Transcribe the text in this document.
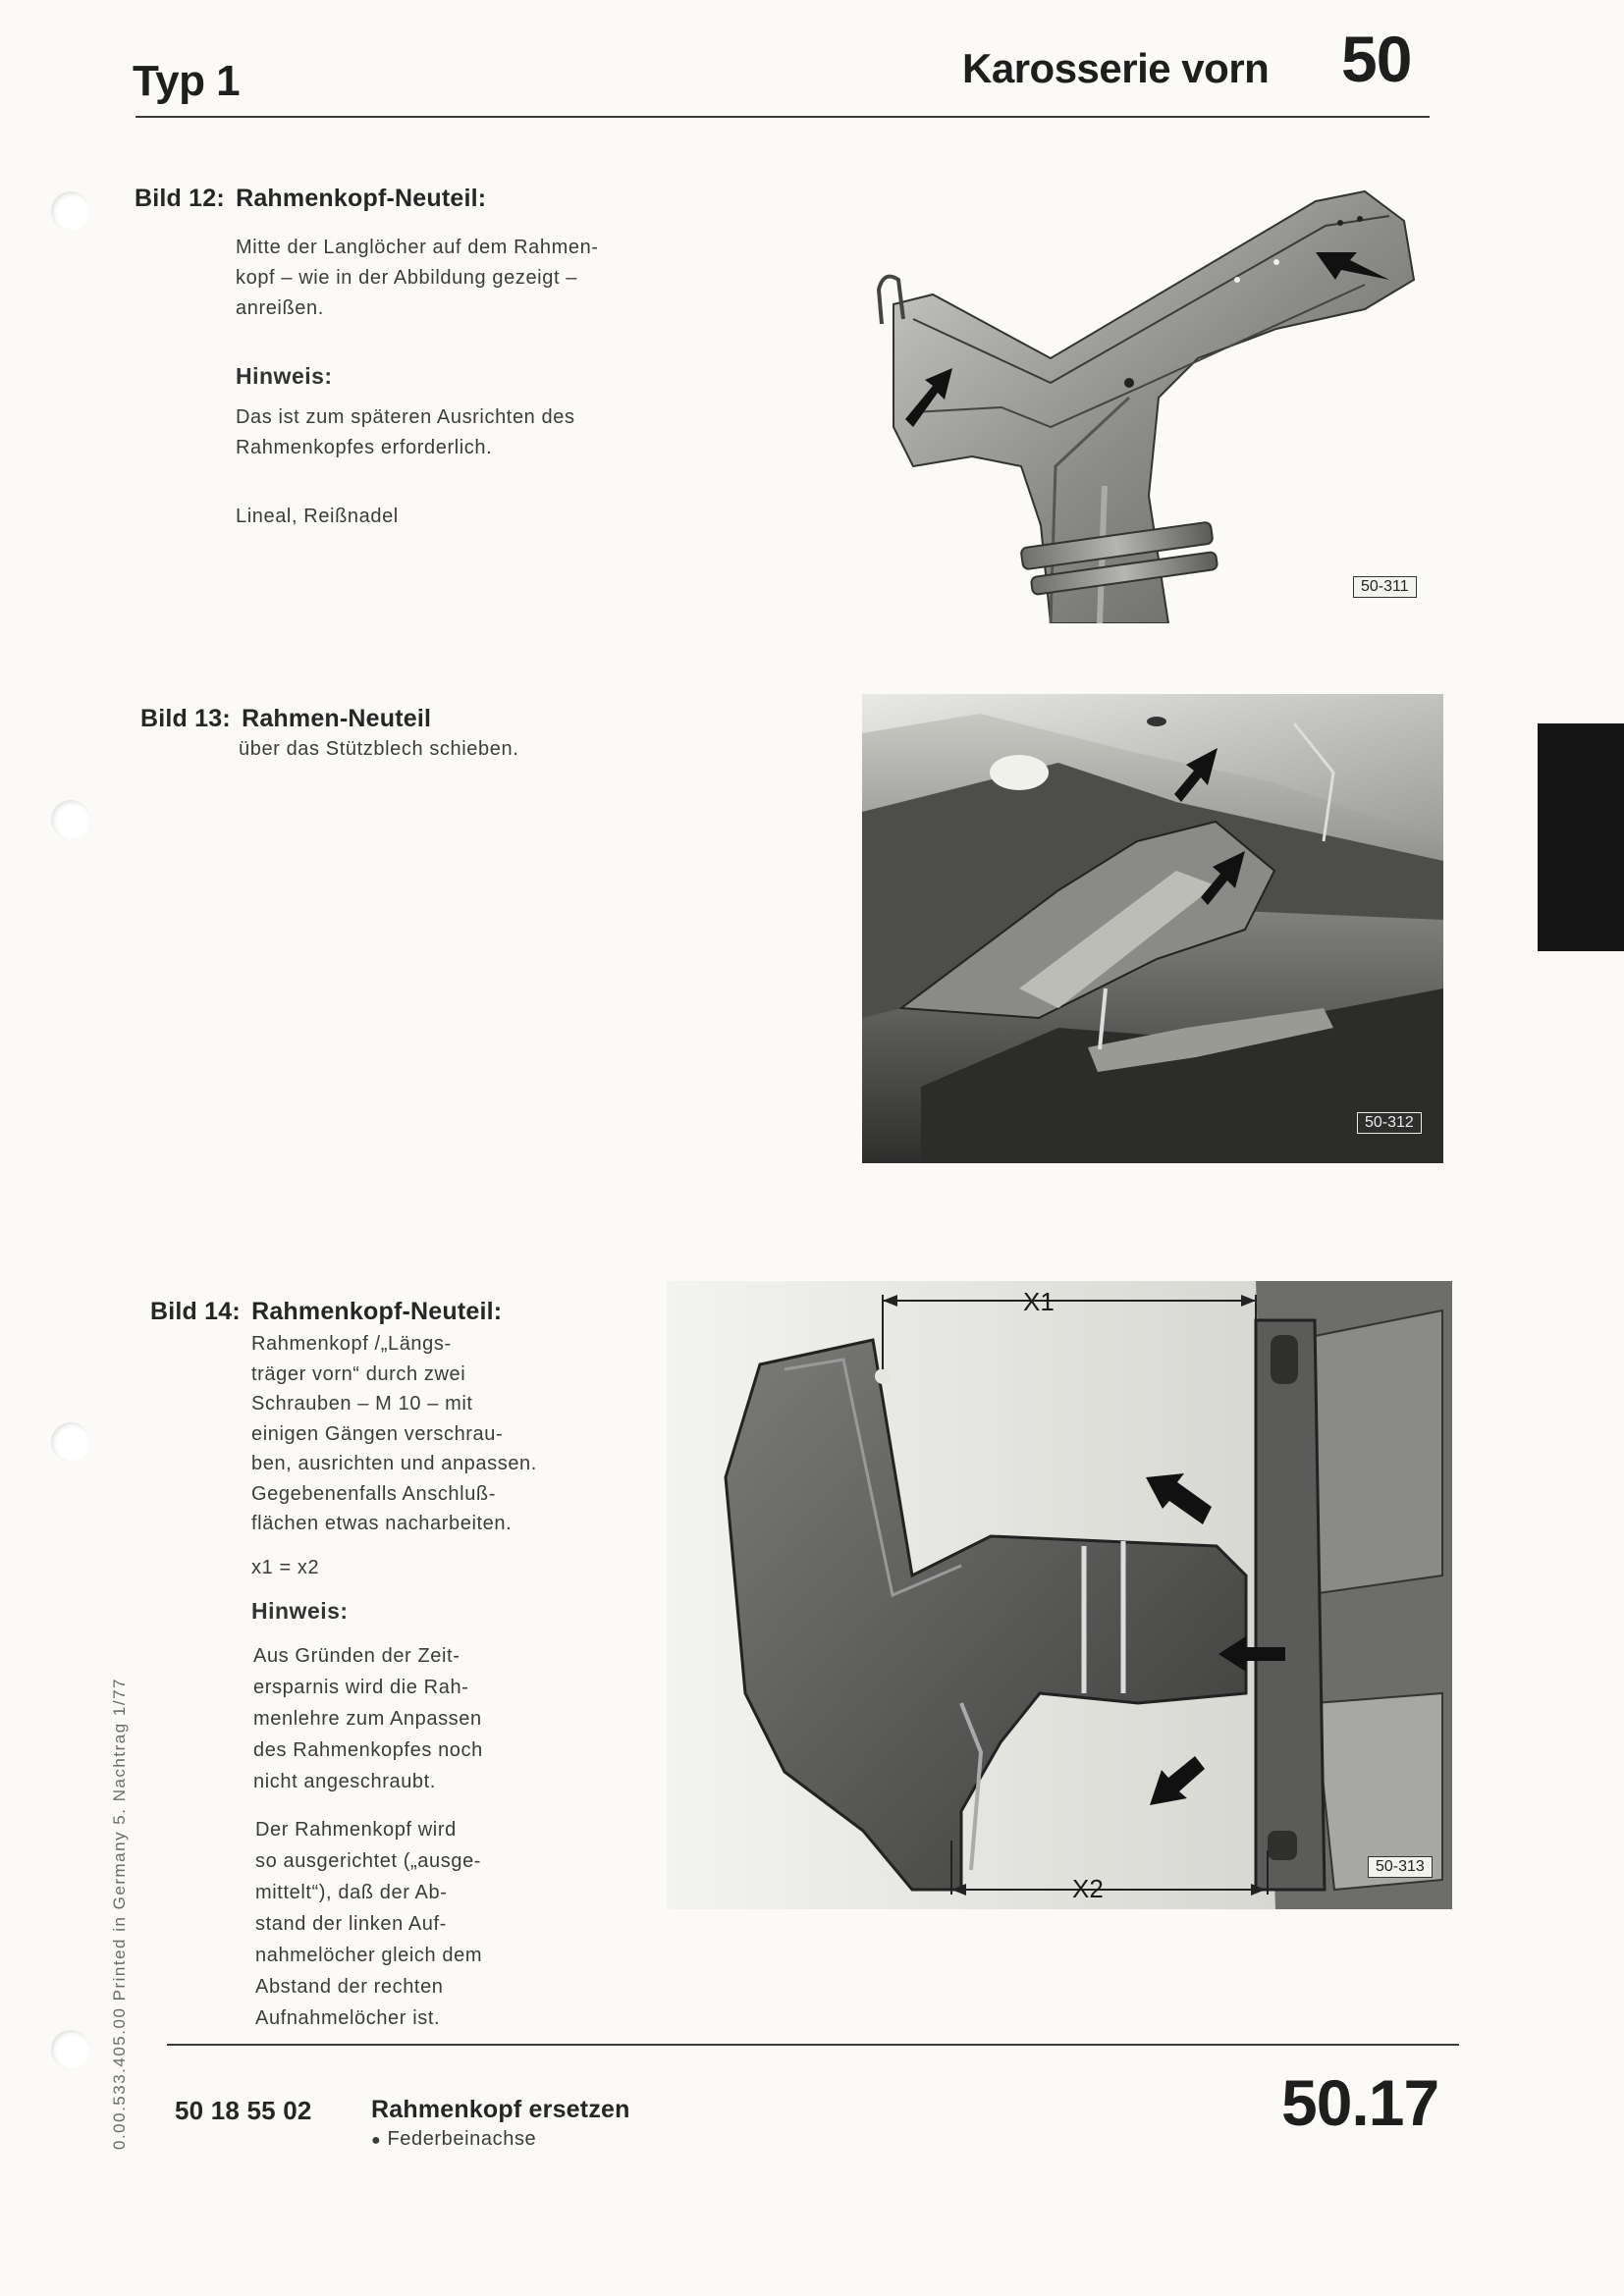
Typ 1	Karosserie vorn 50
Bild 12: Rahmenkopf-Neuteil:
Mitte der Langlöcher auf dem Rahmen-
kopf – wie in der Abbildung gezeigt –
anreißen.
Hinweis:
Das ist zum späteren Ausrichten des
Rahmenkopfes erforderlich.
Lineal, Reißnadel
50-311
Bild 13: Rahmen-Neuteil
über das Stützblech schieben.
50-312
Bild 14: Rahmenkopf-Neuteil:
Rahmenkopf /„Längs-
träger vorn“ durch zwei
Schrauben – M 10 – mit
einigen Gängen verschrau-
ben, ausrichten und anpassen.
Gegebenenfalls Anschluß-
flächen etwas nacharbeiten.
x1 = x2
Hinweis:
Aus Gründen der Zeit-
ersparnis wird die Rah-
menlehre zum Anpassen
des Rahmenkopfes noch
nicht angeschraubt.
Der Rahmenkopf wird
so ausgerichtet („ausge-
mittelt“), daß der Ab-
stand der linken Auf-
nahmelöcher gleich dem
Abstand der rechten
Aufnahmelöcher ist.
X1
X2
50-313
0.00.533.405.00 Printed in Germany 5. Nachtrag 1/77 50 18 55 02 Rahmenkopf ersetzen
● Federbeinachse	50.17
